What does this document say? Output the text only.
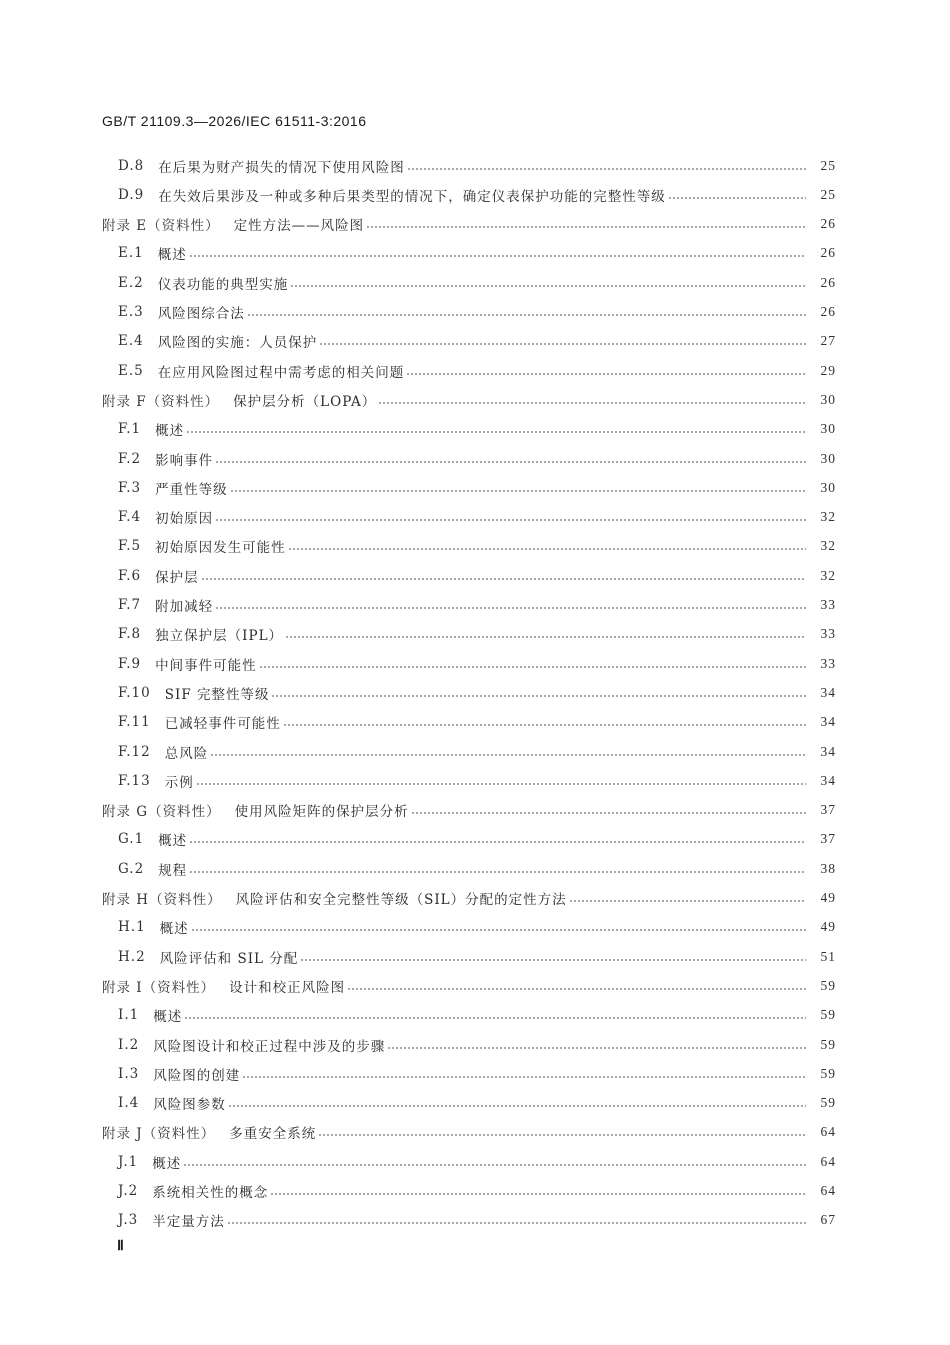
GB/T 21109.3—2026/IEC 61511-3:2016
D.8 在后果为财产损失的情况下使用风险图	25
D.9 在失效后果涉及一种或多种后果类型的情况下，确定仪表保护功能的完整性等级	25
附录 E（资料性） 定性方法——风险图	26
E.1 概述	26
E.2 仪表功能的典型实施	26
E.3 风险图综合法	26
E.4 风险图的实施：人员保护	27
E.5 在应用风险图过程中需考虑的相关问题	29
附录 F（资料性） 保护层分析（LOPA）	30
F.1 概述	30
F.2 影响事件	30
F.3 严重性等级	30
F.4 初始原因	32
F.5 初始原因发生可能性	32
F.6 保护层	32
F.7 附加减轻	33
F.8 独立保护层（IPL）	33
F.9 中间事件可能性	33
F.10 SIF 完整性等级	34
F.11 已减轻事件可能性	34
F.12 总风险	34
F.13 示例	34
附录 G（资料性） 使用风险矩阵的保护层分析	37
G.1 概述	37
G.2 规程	38
附录 H（资料性） 风险评估和安全完整性等级（SIL）分配的定性方法	49
H.1 概述	49
H.2 风险评估和 SIL 分配	51
附录 I（资料性） 设计和校正风险图	59
I.1 概述	59
I.2 风险图设计和校正过程中涉及的步骤	59
I.3 风险图的创建	59
I.4 风险图参数	59
附录 J（资料性） 多重安全系统	64
J.1 概述	64
J.2 系统相关性的概念	64
J.3 半定量方法	67
Ⅱ
